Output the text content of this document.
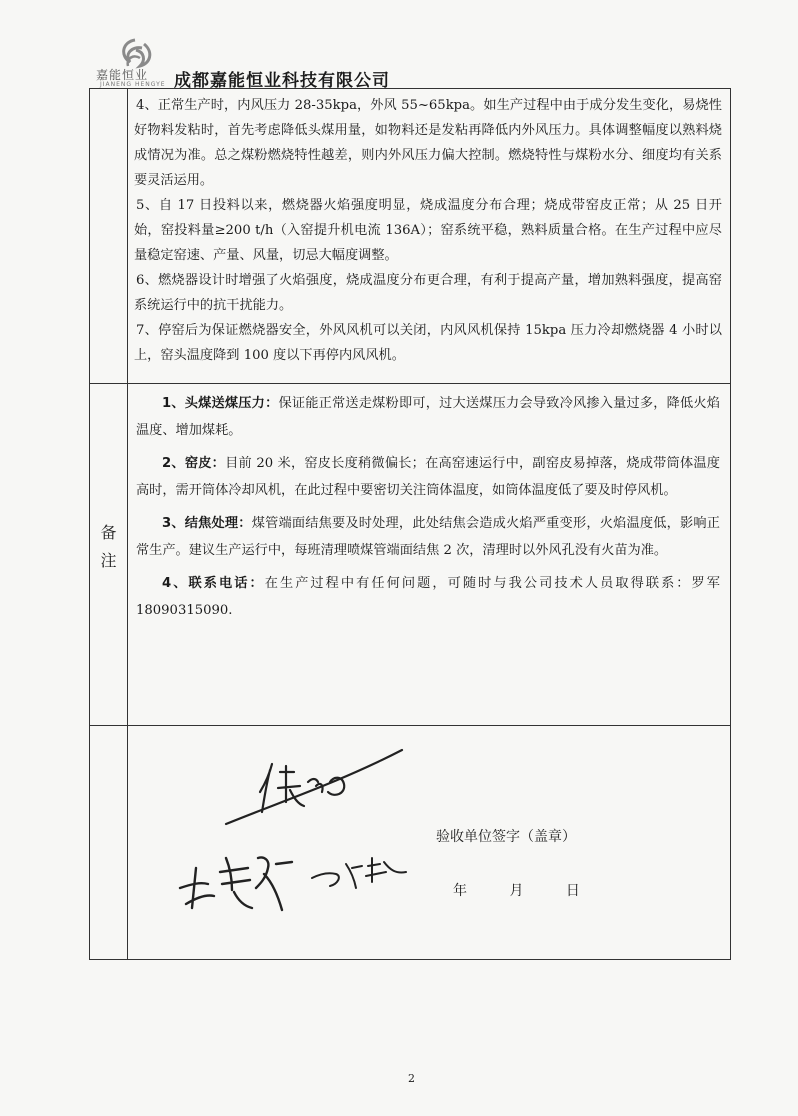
嘉能恒业
JIANENG HENGYE 成都嘉能恒业科技有限公司

4、正常生产时，内风压力 28-35kpa，外风 55~65kpa。如生产过程中由于成分发生变化，易烧性好物料发粘时，首先考虑降低头煤用量，如物料还是发粘再降低内外风压力。具体调整幅度以熟料烧成情况为准。总之煤粉燃烧特性越差，则内外风压力偏大控制。燃烧特性与煤粉水分、细度均有关系要灵活运用。

5、自 17 日投料以来，燃烧器火焰强度明显，烧成温度分布合理；烧成带窑皮正常；从 25 日开始，窑投料量≥200 t/h（入窑提升机电流 136A）；窑系统平稳，熟料质量合格。在生产过程中应尽量稳定窑速、产量、风量，切忌大幅度调整。

6、燃烧器设计时增强了火焰强度，烧成温度分布更合理，有利于提高产量，增加熟料强度，提高窑系统运行中的抗干扰能力。

7、停窑后为保证燃烧器安全，外风风机可以关闭，内风风机保持 15kpa 压力冷却燃烧器 4 小时以上，窑头温度降到 100 度以下再停内风风机。

备
注

1、头煤送煤压力：保证能正常送走煤粉即可，过大送煤压力会导致冷风掺入量过多，降低火焰温度、增加煤耗。

2、窑皮：目前 20 米，窑皮长度稍微偏长；在高窑速运行中，副窑皮易掉落，烧成带筒体温度高时，需开筒体冷却风机，在此过程中要密切关注筒体温度，如筒体温度低了要及时停风机。

3、结焦处理：煤管端面结焦要及时处理，此处结焦会造成火焰严重变形，火焰温度低，影响正常生产。建议生产运行中，每班清理喷煤管端面结焦 2 次，清理时以外风孔没有火苗为准。

4、联系电话：在生产过程中有任何问题，可随时与我公司技术人员取得联系：罗军 18090315090.

验收单位签字（盖章）
年 月 日
2
